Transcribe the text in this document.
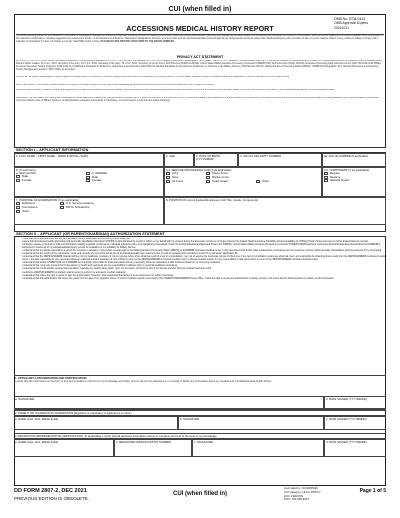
CUI (when filled in)
ACCESSIONS MEDICAL HISTORY REPORT
OMB No. 0704-0413
OMB Approval Expires
20241031
The public reporting burden for this collection of information is estimated to average 10 minutes per response, including the time for reviewing instructions, searching existing data sources, gathering and maintaining the data needed, and completing and reviewing the collection of information. Send comments regarding this burden estimate or any other aspect of this collection of information, including suggestions for reducing the burden, to the Department of Defense, Washington Headquarters Services, at whs.mc-alex.esd.mbx.dd-dod-information-collections@mail.mil. Respondents should be aware that notwithstanding any other provision of law, no person shall be subject to any penalty for failing to comply with a collection of information if it does not display a currently valid OMB control number. PLEASE DO NOT RETURN YOUR FORM TO THE ABOVE ADDRESS.
PRIVACY ACT STATEMENT
AUTHORITY: 10 U.S.C. § 136, Under Secretary of Defense for Personnel and Readiness; 10 U.S.C. 504, Persons not qualified; 10 U.S.C. 505, Regular components: qualifications, term, grade; Title 10, U.S.C. Subtitle A, General Military Law, Part II, Personnel Chapter 31, Enlistments and Chapter 33, Original Appointments of Regular Officers in Grades Above Warrant Officer Grades; 10 U.S.C. 3013, Secretary of the Army; 10 U.S.C. 5013, Secretary of the Navy; 10 U.S.C. 8013, Secretary of the Air Force; DoD Directive (DoDD) 1145.02E, United States Military Entrance Processing Command (USMEPCOM); DoD Instruction (DoDI) 1304.02, Accession Processing Data Collection Forms; DoD 1304.12E, DoD Military Personnel Accession Testing Programs; DoDI 1304.26, Qualification Standards for Enlistment, Appointment and Induction; DoDI 6130.03, Medical Standards for Appointment, Enlistment, or Induction in the Military Services; DoD Manual 1145.02, Military Entrance Processing Station (MEPS); USMEPCOM Regulation 40-1, Medical Processing and Reporting System Management; and E.O. 9397 (SSN), as amended.
PURPOSE: To obtain medical data for determination of medical fitness for enlistment, induction, appointment and retention for applicants for military service. The information will also be used for medical boards and separation of Service members from the Armed Forces.
ROUTINE USE(S): The Routine Uses are listed in the system of records notice found at: https://www.federalregister.gov/documents/2021/04/21/2021-08286/privacy-act-of-1974-system-of-records
DISCLOSURE: Voluntary; however, failure by an applicant to provide the information may result in delay or possible rejection of the individual's application to enter the Armed Forces. For an Armed Forces member, failure to provide the information may result in the individual being placed in a non-deployable status.
WARNING: The information you have given constitutes an official statement. Federal law provides severe penalties (up to 5 years confinement or $10,000 fine, or both), to anyone making a false statement. If you are selected for enlistment, commission or entrance into a commissioning program based on a false statement, you may be subject to prosecution under the Uniform Code of Military Justice or to administrative separation proceedings for discharge, and could receive a less than honorable discharge.
SECTION I – APPLICANT INFORMATION
1. LAST NAME – FIRST NAME – MIDDLE INITIAL (Suffix)	2. AGE	3. DATE OF BIRTH (YYYYMMDD)
4. SOCIAL SECURITY NUMBER	4a. DoD ID NUMBER (If applicable)
5. (X each item)
a. SEX (at birth)
Male
Female
b. GENDER
Male
Female
6.a. SERVICE PROCESSING FOR (X as applicable)
Army	Space Force
Navy	Marine Corps
Air Force	Coast Guard	Other:
6.b. COMPONENT (X as applicable)
Regular
Reserve
National Guard
7. PURPOSE OF EXAMINATION (X as applicable)
Enlistment	U.S. Service Academy
Commission	ROTC Scholarship
Other:
8. POSITION (If current Federal Employee) (Job Title, Grade, Component)
SECTION II – APPLICANT (OR PARENT/GUARDIAN) AUTHORIZATION STATEMENT
• I have read and understand the warning and penalties that are associated with providing a false statement.
• I agree that all protected health information and personally identifiable information (PHI/PII) or data disclosed by myself or others on my behalf with my consent during the accession process is no longer protected by federal Health Insurance Portability and Accountability Act (HIPAA) Privacy Rules and may be further disseminated as needed.
• I authorize release of medical records and information relating to grades, performance, individual education plans, and disciplinary proceedings. Under the Family Educational Rights and Privacy Act (FERPA), United States Military Entrance Processing Command (USMEPCOM)/Department of Defense Medical Examination Review Board (DoDMERB) is authorized to receive all of my educational/disciplinary records for evaluation of my suitability for Military Service.
• I understand that a medical examination is part of the accession evaluation. I may require several visits to the Military Entrance Processing Station (MEPS), or DoDMERB contracted medical center. I may have blood work and/or other medical tests, procedures such as specimen removal, and/or specialty consultations performed as part of my processing.
• I understand that the results of the examination, tests, and consults are not performed as part of an individual health care treatment plan, but will be reviewed and considered as part of my accession application file.
• I understand that the MEPS/DoDMERB medical staff are not my healthcare providers. If I do not receive notice of an abnormal result of a test or a consultation, I am not to assume the result was normal. Furthermore, if any test or consultation results are abnormal, then I am responsible for obtaining those results from the MEPS/DoDMERB contracted medical center. I am also responsible for any necessary follow-up evaluations and/or treatment. If I am notified to return to the MEPS/DoDMERB contracted medical center to discuss medical results, it is my responsibility to take quick action to return to the MEPS/DoDMERB contracted medical center.
• I understand that neither USMEPCOM nor DoDMERB are financially responsible for costs associated with any necessary follow-up evaluations and/or treatment based on my screening evaluation.
• I understand that I may only consent that I have about my health and treatments are my responsibility to address with my personal healthcare provider(s).
• I understand that I must provide required documentation regarding my health history which, upon my accession, will become part of my Service member lifecycle medical treatment record.
• I authorize a MEPS/DoDMERB contracted medical center to perform my accession medical evaluation.
• I understand that I have the right to refuse to sign this authorization; however I also understand that failure to do so will prevent my further processing.
• I understand that this authorization will expire four years from the date of my signature below, or sooner if written request is received by the USMEPCOM/DoDMERB Privacy Office. I have the right to revoke this authorization in writing, except to the extent that the DoD has acted in reliance on this information.
1. APPLICANT AUTHORIZATION AND CERTIFICATION
I certify that the information on this form is true and complete to the best of my knowledge and belief, and no person has advised me to conceal or falsify any information about my medical and mental/behavioral health history.
a. SIGNATURE	b. DATE SIGNED (YYYYMMDD)
2. PARENT OR GUARDIAN AUTHORIZATION (Signature is mandatory if applicant is a minor)
a. NAME (Last, First, Middle Initial)	b. SIGNATURE	c. DATE SIGNED (YYYYMMDD)
3. RECRUITING REPRESENTATIVE CERTIFICATION: (If applicable) I certify that all applicant information above is complete and true to the best of my knowledge.
a. NAME (Last, First, Middle Initial)	b. RECRUITER IDENTIFICATION NUMBER	c. SIGNATURE	d. DATE SIGNED (YYYYMMDD)
DD FORM 2807-2, DEC 2021
PREVIOUS EDITION IS OBSOLETE.
CUI (when filled in)
Controlled by: OUSD(P&R)
CUI Category: HLTH, PRVCY
LDC: FEDCON
POC: 703-695-5527
Page 1 of 5
